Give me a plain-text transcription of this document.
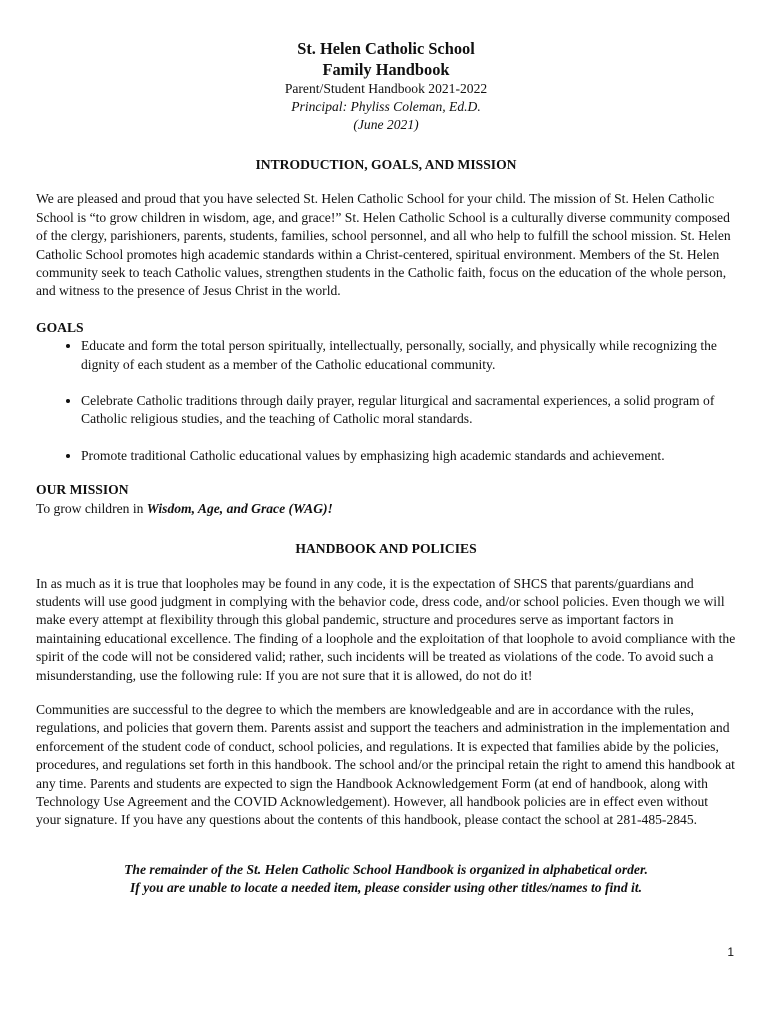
St. Helen Catholic School
Family Handbook
Parent/Student Handbook 2021-2022
Principal: Phyliss Coleman, Ed.D.
(June 2021)
INTRODUCTION, GOALS, AND MISSION

We are pleased and proud that you have selected St. Helen Catholic School for your child. The mission of St. Helen Catholic School is “to grow children in wisdom, age, and grace!” St. Helen Catholic School is a culturally diverse community composed of the clergy, parishioners, parents, students, families, school personnel, and all who help to fulfill the school mission. St. Helen Catholic School promotes high academic standards within a Christ-centered, spiritual environment. Members of the St. Helen community seek to teach Catholic values, strengthen students in the Catholic faith, focus on the education of the whole person, and witness to the presence of Jesus Christ in the world.

GOALS
• Educate and form the total person spiritually, intellectually, personally, socially, and physically while recognizing the dignity of each student as a member of the Catholic educational community.
• Celebrate Catholic traditions through daily prayer, regular liturgical and sacramental experiences, a solid program of Catholic religious studies, and the teaching of Catholic moral standards.
• Promote traditional Catholic educational values by emphasizing high academic standards and achievement.
OUR MISSION

To grow children in Wisdom, Age, and Grace (WAG)!

HANDBOOK AND POLICIES

In as much as it is true that loopholes may be found in any code, it is the expectation of SHCS that parents/guardians and students will use good judgment in complying with the behavior code, dress code, and/or school policies. Even though we will make every attempt at flexibility through this global pandemic, structure and procedures serve as important factors in maintaining educational excellence. The finding of a loophole and the exploitation of that loophole to avoid compliance with the spirit of the code will not be considered valid; rather, such incidents will be treated as violations of the code. To avoid such a misunderstanding, use the following rule: If you are not sure that it is allowed, do not do it!

Communities are successful to the degree to which the members are knowledgeable and are in accordance with the rules, regulations, and policies that govern them. Parents assist and support the teachers and administration in the implementation and enforcement of the student code of conduct, school policies, and regulations. It is expected that families abide by the policies, procedures, and regulations set forth in this handbook. The school and/or the principal retain the right to amend this handbook at any time. Parents and students are expected to sign the Handbook Acknowledgement Form (at end of handbook, along with Technology Use Agreement and the COVID Acknowledgement). However, all handbook policies are in effect even without your signature. If you have any questions about the contents of this handbook, please contact the school at 281-485-2845.

The remainder of the St. Helen Catholic School Handbook is organized in alphabetical order.
If you are unable to locate a needed item, please consider using other titles/names to find it.
1
